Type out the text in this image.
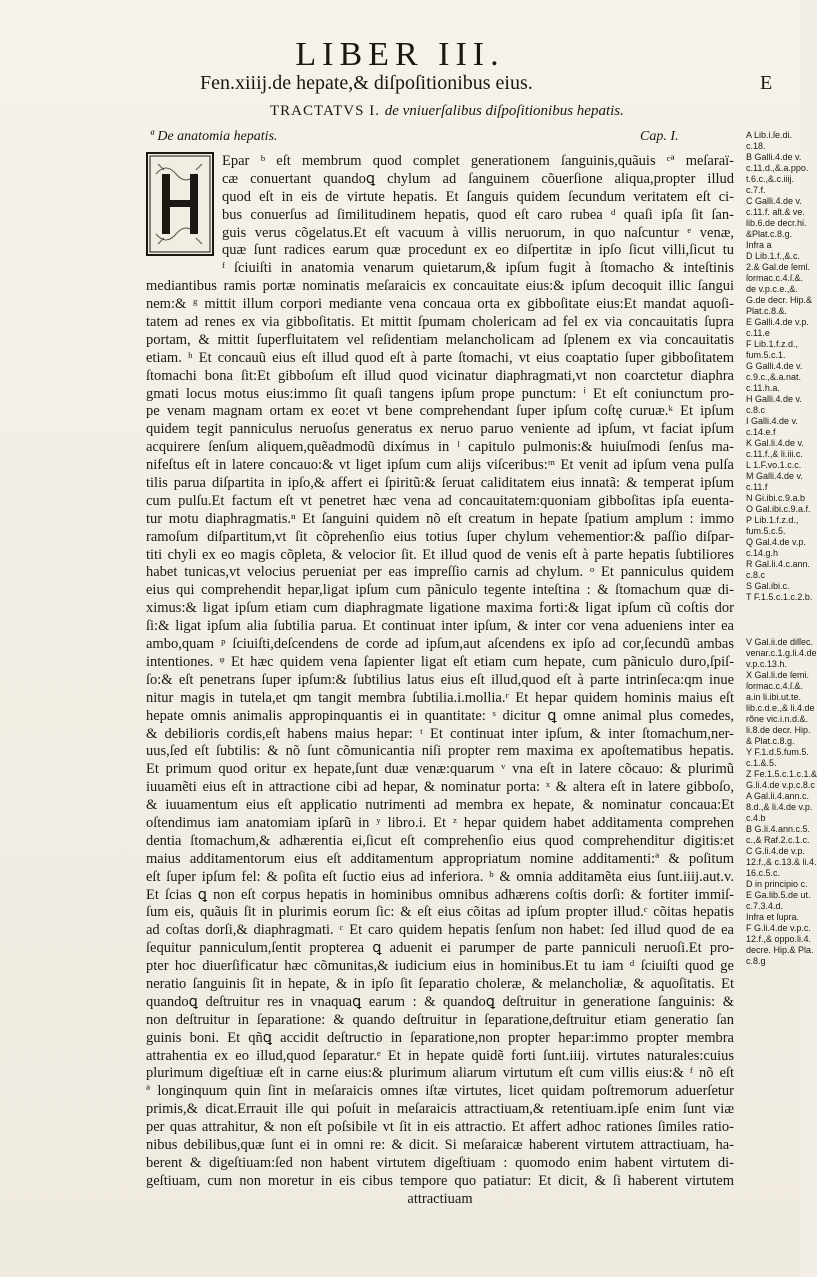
LIBER III.
Fen.xiiij.de hepate,& diſpoſitionibus eius.	E
TRACTATVS I. de vniuerſalibus diſpoſitionibus hepatis.
ª De anatomia hepatis.	Cap. I.
Epar ᵇ eſt membrum quod complet generationem ſanguinis,quãuis ᶜª meſaraï-
cæ conuertant quandoꝗ chylum ad ſanguinem cõuerſione aliqua,propter illud
quod eſt in eis de virtute hepatis. Et ſanguis quidem ſecundum veritatem eſt ci-
bus conuerſus ad ſimilitudinem hepatis, quod eſt caro rubea ᵈ quaſi ipſa ſit ſan-
guis verus cõgelatus.Et eſt vacuum à villis neruorum, in quo naſcuntur ᵉ venæ,
quæ ſunt radices earum quæ procedunt ex eo diſpertitæ in ipſo ſicut villi,ſicut tu
ᶠ ſciuiſti in anatomia venarum quietarum,& ipſum fugit à ſtomacho & inteſtinis
mediantibus ramis portæ nominatis meſaraicis ex concauitate eius:& ipſum decoquit illic ſangui
nem:& ᵍ mittit illum corpori mediante vena concaua orta ex gibboſitate eius:Et mandat aquoſi-
tatem ad renes ex via gibboſitatis. Et mittit ſpumam cholericam ad fel ex via concauitatis ſupra
portam, & mittit ſuperfluitatem vel reſidentiam melancholicam ad ſplenem ex via concauitatis
etiam. ʰ Et concauũ eius eſt illud quod eſt à parte ſtomachi, vt eius coaptatio ſuper gibboſitatem
ſtomachi bona ſit:Et gibboſum eſt illud quod vicinatur diaphragmati,vt non coarctetur diaphra
gmati locus motus eius:immo ſit quaſi tangens ipſum prope punctum: ⁱ Et eſt coniunctum pro-
pe venam magnam ortam ex eo:et vt bene comprehendant ſuper ipſum coſtę curuæ.ᵏ Et ipſum
quidem tegit panniculus neruoſus generatus ex neruo paruo veniente ad ipſum, vt faciat ipſum
acquirere ſenſum aliquem,quẽadmodũ dixímus in ˡ capitulo pulmonis:& huiuſmodi ſenſus ma-
nifeſtus eſt in latere concauo:& vt liget ipſum cum alijs viſceribus:ᵐ Et venit ad ipſum vena pulſa
tilis parua diſpartita in ipſo,& affert ei ſpiritũ:& ſeruat caliditatem eius innatã: & temperat ipſum
cum pulſu.Et factum eſt vt penetret hæc vena ad concauitatem:quoniam gibboſitas ipſa euenta-
tur motu diaphragmatis.ⁿ Et ſanguini quidem nõ eſt creatum in hepate ſpatium amplum : immo
ramoſum diſpartitum,vt ſit cõprehenſio eius totius ſuper chylum vehementior:& paſſio diſpar-
titi chyli ex eo magis cõpleta, & velocior ſit. Et illud quod de venis eſt à parte hepatis ſubtiliores
habet tunicas,vt velocius perueniat per eas impreſſio carnis ad chylum. ᵒ Et panniculus quidem
eius qui comprehendit hepar,ligat ipſum cum pãniculo tegente inteſtina : & ſtomachum quæ di-
ximus:& ligat ipſum etiam cum diaphragmate ligatione maxima forti:& ligat ipſum cũ coſtis dor
ſi:& ligat ipſum alia ſubtilia parua. Et continuat inter ipſum, & inter cor vena adueniens inter ea
ambo,quam ᵖ ſciuiſti,deſcendens de corde ad ipſum,aut aſcendens ex ipſo ad cor,ſecundũ ambas
intentiones. ᵠ Et hæc quidem vena ſapienter ligat eſt etiam cum hepate, cum pãniculo duro,ſpiſ-
ſo:& eſt penetrans ſuper ipſum:& ſubtilius latus eius eſt illud,quod eſt à parte intrinſeca:qm inue
nitur magis in tutela,et qm tangit membra ſubtilia.i.mollia.ʳ Et hepar quidem hominis maius eſt
hepate omnis animalis appropinquantis ei in quantitate: ˢ dicitur ꝗ omne animal plus comedes,
& debilioris cordis,eſt habens maius hepar: ᵗ Et continuat inter ipſum, & inter ſtomachum,ner-
uus,ſed eſt ſubtilis: & nõ ſunt cõmunicantia niſi propter rem maxima ex apoſtematibus hepatis.
Et primum quod oritur ex hepate,ſunt duæ venæ:quarum ᵛ vna eſt in latere cõcauo: & plurimũ
iuuamẽti eius eſt in attractione cibi ad hepar, & nominatur porta: ˣ & altera eſt in latere gibboſo,
& iuuamentum eius eſt applicatio nutrimenti ad membra ex hepate, & nominatur concaua:Et
oſtendimus iam anatomiam ipſarũ in ʸ libro.i. Et ᶻ hepar quidem habet additamenta comprehen
dentia ſtomachum,& adhærentia ei,ſicut eſt comprehenſio eius quod comprehenditur digitis:et
maius additamentorum eius eſt additamentum appropriatum nomine additamenti:ª & poſitum
eſt ſuper ipſum fel: & poſita eſt ſuctio eius ad inferiora. ᵇ & omnia additamẽta eius ſunt.iiij.aut.v.
Et ſcias ꝗ non eſt corpus hepatis in hominibus omnibus adhærens coſtis dorſi: & fortiter immiſ-
ſum eis, quãuis ſit in plurimis eorum ſic: & eſt eius cõitas ad ipſum propter illud.ᶜ cõitas hepatis
ad coſtas dorſi,& diaphragmati. ᶜ Et caro quidem hepatis ſenſum non habet: ſed illud quod de ea
ſequitur panniculum,ſentit propterea ꝗ aduenit ei parumper de parte panniculi neruoſi.Et pro-
pter hoc diuerſificatur hæc cõmunitas,& iudicium eius in hominibus.Et tu iam ᵈ ſciuiſti quod ge
neratio ſanguinis ſit in hepate, & in ipſo ſit ſeparatio choleræ, & melancholiæ, & aquoſitatis. Et
quandoꝗ deſtruitur res in vnaquaꝗ earum : & quandoꝗ deſtruitur in generatione ſanguinis: &
non deſtruitur in ſeparatione: & quando deſtruitur in ſeparatione,deſtruitur etiam generatio ſan
guinis boni. Et qñꝗ accidit deſtructio in ſeparatione,non propter hepar:immo propter membra
attrahentia ex eo illud,quod ſeparatur.ᵉ Et in hepate quidẽ forti ſunt.iiij. virtutes naturales:cuius
plurimum digeſtiuæ eſt in carne eius:& plurimum aliarum virtutum eſt cum villis eius:& ᶠ nõ eſt
ª longinquum quin ſint in meſaraicis omnes iſtæ virtutes, licet quidam poſtremorum aduerſetur
primis,& dicat.Errauit ille qui poſuit in meſaraicis attractiuam,& retentiuam.ipſe enim ſunt viæ
per quas attrahitur, & non eſt poſsibile vt ſit in eis attractio. Et affert adhoc rationes ſimiles ratio-
nibus debilibus,quæ ſunt ei in omni re: & dicit. Si meſaraicæ haberent virtutem attractiuam, ha-
berent & digeſtiuam:ſed non habent virtutem digeſtiuam : quomodo enim habent virtutem di-
geſtiuam, cum non moretur in eis cibus tempore quo patiatur: Et dicit, & ſi haberent virtutem
attractiuam
A Lib.i.ſe.di.
c.18.
B Galli.4.de v.
c.11.d.,&.a.ppo.
t.6.c.,&.c.iiij.
c.7.f.
C Galli.4.de v.
c.11.f. aſt.& ve.
lib.6.de decr.hi.
&Plat.c.8.g.
Infra a
D Lib.1.f.,&.c.
2.& Gal.de ſeml.
ſormac.c.4.ſ.&.
de v.p.c.e.,&.
G.de decr. Hip.&
Plat.c.8.&.
E Galli.4.de v.p.
c.11.e
F Lib.1.f.z.d.,
fum.5.c.1.
G Galli.4.de v.
c.9.c.,&.a.nat.
c.11.h.a.
H Galli.4.de v.
c.8.c
I Galli.4.de v.
c.14.e.f
K Gal.li.4.de v.
c.11.f.,& li.iii.c.
L 1.F.vo.1.c.c.
M Galli.4.de v.
c.11.f
N Gi.ibi.c.9.a.b
O Gal.ibi.c.9.a.f.
P Lib.1.f.z.d.,
fum.5.c.5.
Q Gal.4.de v.p.
c.14.g.h
R Gal.li.4.c.ann.
c.8.c
S Gal.ibi.c.
T F.1.5.c.1.c.2.b.
V Gal.ii.de diſſec.
venar.c.1.g.li.4.de
v.p.c.13.h.
X Gal.li.de ſemi.
ſormac.c.4.ſ.&.
a.in li.ibi.ut.te.
lib.c.d.e.,& li.4.de
rõne vic.i.n.d.&.
li.8.de decr. Hip.
& Plat.c.8.g.
Y F.1.d.5.fum.5.
c.1.&.5.
Z Fe.1.5.c.1.c.1.&
G.li.4.de v.p.c.8.c
A Gal.li.4.ann.c.
8.d.,& li.4.de v.p.
c.4.b
B G.li.4.ann.c.5.
c.,& Raf.2.c.1.c.
C G.li.4.de v.p.
12.f.,& c.13.& li.4.
16.c.5.c.
D in principio c.
E Ga.lib.5.de ut.
c.7.3.4.d.
Infra et ſupra.
F G.li.4.de v.p.c.
12.f.,& oppo.li.4.
decre. Hip.& Pla.
c.8.g
